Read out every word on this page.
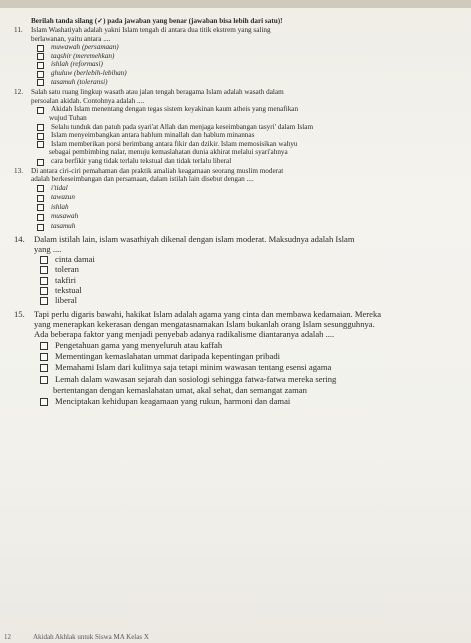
Berilah tanda silang (✓) pada jawaban yang benar (jawaban bisa lebih dari satu)!
11. Islam Washatiyah adalah yakni Islam tengah di antara dua titik ekstrem yang saling
berlawanan, yaitu antara ....
muwawah (persamaan)
taqshir (meremehkan)
ishlah (reformasi)
ghuluw (berlebih-lebihan)
tasamuh (toleransi)
12. Salah satu ruang lingkup wasath atau jalan tengah beragama Islam adalah wasath dalam
persoalan akidah. Contohnya adalah ....
Akidah Islam menentang dengan tegas sistem keyakinan kaum atheis yang menafikan
wujud Tuhan
Selalu tunduk dan patuh pada syari'at Allah dan menjaga keseimbangan tasyri' dalam Islam
Islam menyeimbangkan antara hablum minallah dan hablum minannas
Islam memberikan porsi berimbang antara fikir dan dzikir. Islam memosisikan wahyu
sebagai pembimbing nalar, menuju kemaslahatan dunia akhirat melalui syari'ahnya
cara berfikir yang tidak terlalu tekstual dan tidak terlalu liberal
13. Di antara ciri-ciri pemahaman dan praktik amaliah keagamaan seorang muslim moderat
adalah berkeseimbangan dan persamaan, dalam istilah lain disebut dengan ....
i'tidal
tawazun
ishlah
musawah
tasamuh
14. Dalam istilah lain, islam wasathiyah dikenal dengan islam moderat. Maksudnya adalah Islam
yang ....
cinta damai
toleran
takfiri
tekstual
liberal
15. Tapi perlu digaris bawahi, hakikat Islam adalah agama yang cinta dan membawa kedamaian. Mereka
yang menerapkan kekerasan dengan mengatasnamakan Islam bukanlah orang Islam sesungguhnya.
Ada beberapa faktor yang menjadi penyebab adanya radikalisme diantaranya adalah ....
Pengetahuan gama yang menyeluruh atau kaffah
Mementingan kemaslahatan ummat daripada kepentingan pribadi
Memahami Islam dari kulitnya saja tetapi minim wawasan tentang esensi agama
Lemah dalam wawasan sejarah dan sosiologi sehingga fatwa-fatwa mereka sering
bertentangan dengan kemaslahatan umat, akal sehat, dan semangat zaman
Menciptakan kehidupan keagamaan yang rukun, harmoni dan damai
12	Akidah Akhlak untuk Siswa MA Kelas X
